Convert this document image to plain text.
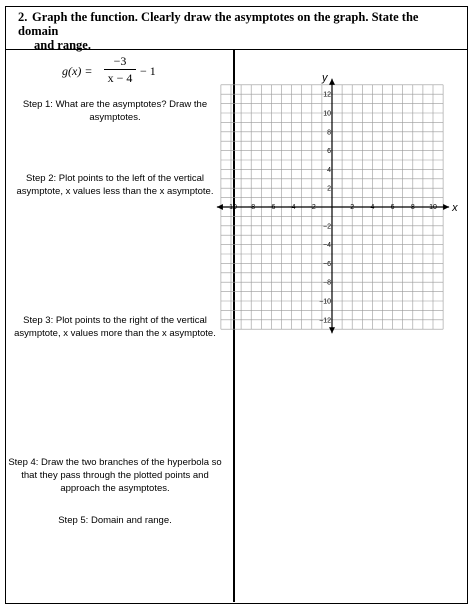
2. Graph the function. Clearly draw the asymptotes on the graph. State the domain
and range.
g(x) =
−3
x − 4 − 1
Step 1: What are the asymptotes? Draw the asymptotes.
Step 2: Plot points to the left of the vertical asymptote, x values less than the x asymptote.
Step 3: Plot points to the right of the vertical asymptote, x values more than the x asymptote.
Step 4: Draw the two branches of the hyperbola so that they pass through the plotted points and approach the asymptotes.
Step 5: Domain and range.
−10 −8 −6 −4 −2	2 4 6 8 10
12
10
8
6
4
2
−2
−4
−6
−8
−10
−12
x
y
